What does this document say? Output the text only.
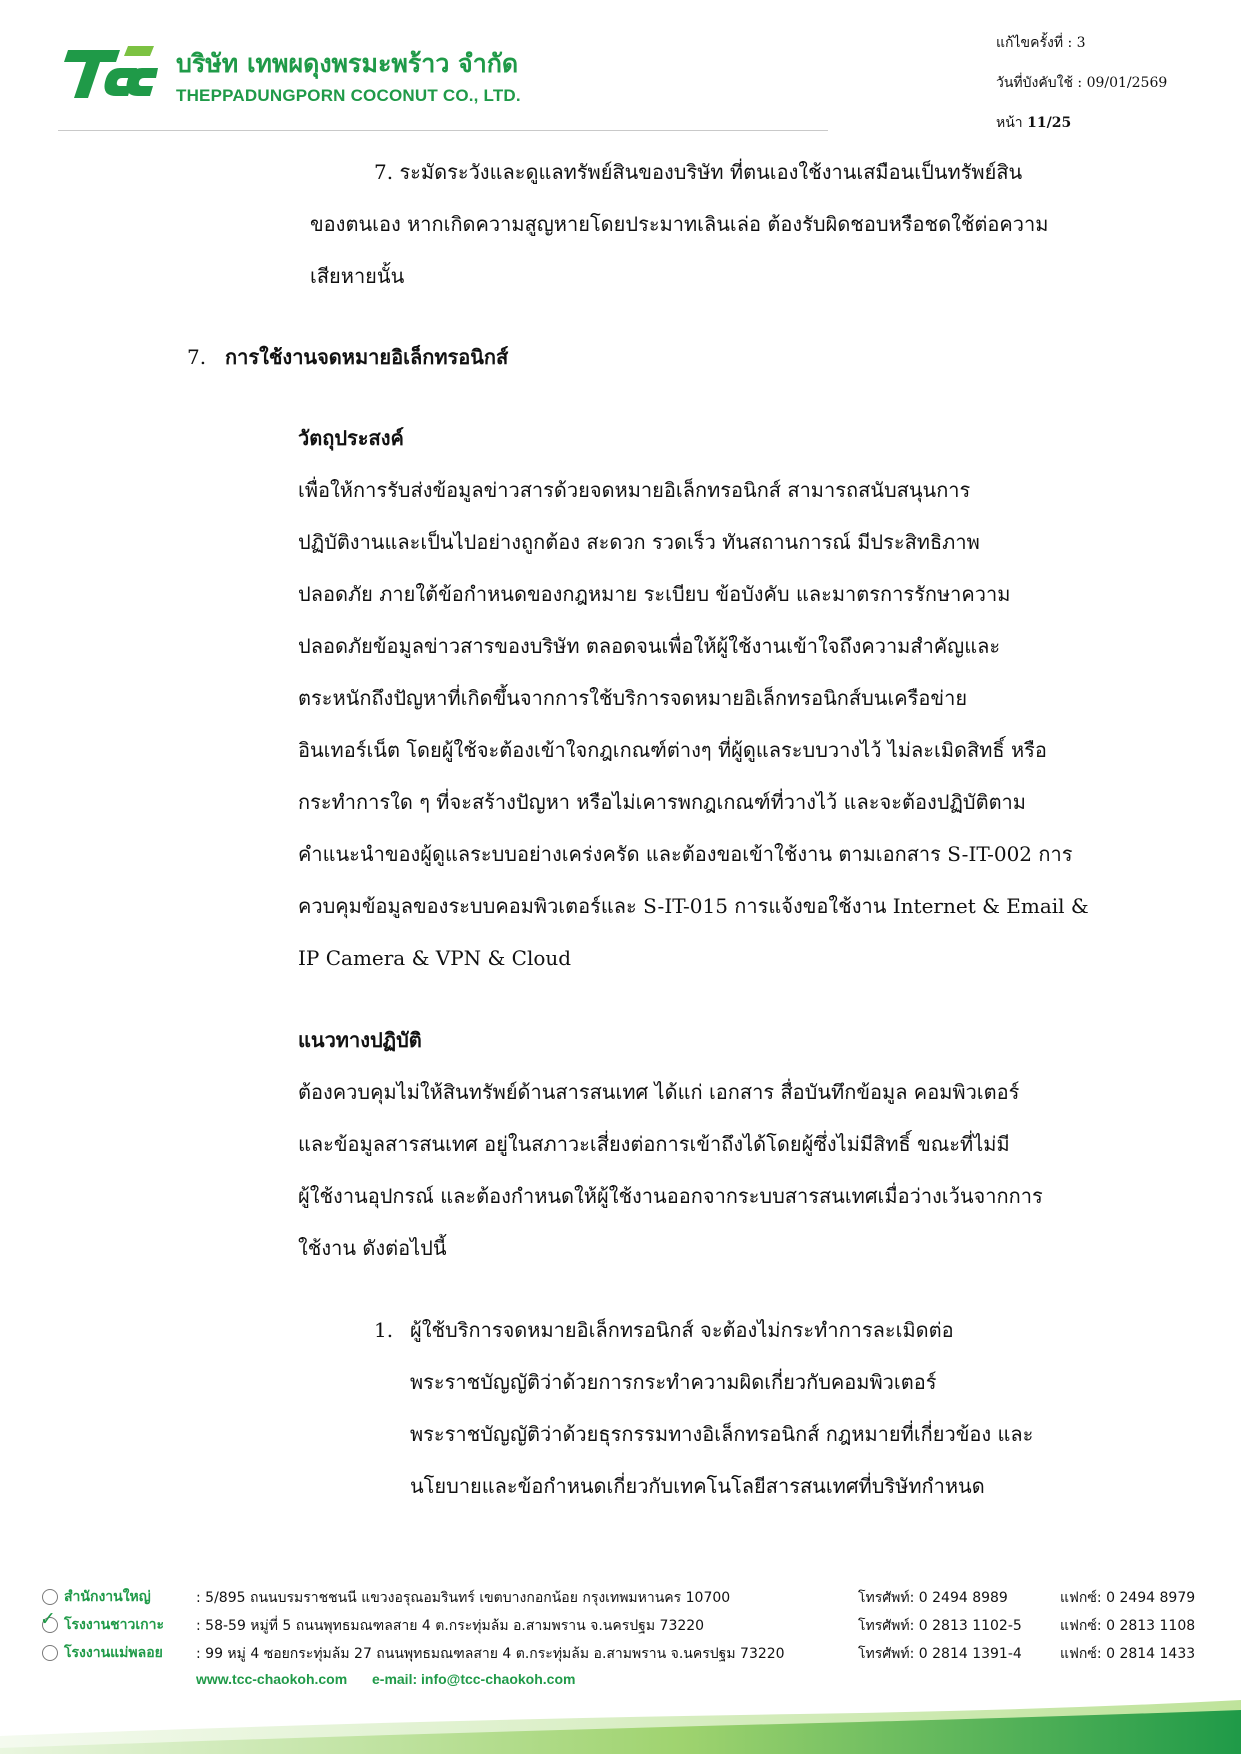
บริษัท เทพผดุงพรมะพร้าว จำกัด
THEPPADUNGPORN COCONUT CO., LTD.
แก้ไขครั้งที่ : 3
วันที่บังคับใช้ : 09/01/2569
หน้า 11/25
7. ระมัดระวังและดูแลทรัพย์สินของบริษัท ที่ตนเองใช้งานเสมือนเป็นทรัพย์สิน
ของตนเอง หากเกิดความสูญหายโดยประมาทเลินเล่อ ต้องรับผิดชอบหรือชดใช้ต่อความ
เสียหายนั้น
7. การใช้งานจดหมายอิเล็กทรอนิกส์
วัตถุประสงค์
เพื่อให้การรับส่งข้อมูลข่าวสารด้วยจดหมายอิเล็กทรอนิกส์ สามารถสนับสนุนการ
ปฏิบัติงานและเป็นไปอย่างถูกต้อง สะดวก รวดเร็ว ทันสถานการณ์ มีประสิทธิภาพ
ปลอดภัย ภายใต้ข้อกำหนดของกฎหมาย ระเบียบ ข้อบังคับ และมาตรการรักษาความ
ปลอดภัยข้อมูลข่าวสารของบริษัท ตลอดจนเพื่อให้ผู้ใช้งานเข้าใจถึงความสำคัญและ
ตระหนักถึงปัญหาที่เกิดขึ้นจากการใช้บริการจดหมายอิเล็กทรอนิกส์บนเครือข่าย
อินเทอร์เน็ต โดยผู้ใช้จะต้องเข้าใจกฎเกณฑ์ต่างๆ ที่ผู้ดูแลระบบวางไว้ ไม่ละเมิดสิทธิ์ หรือ
กระทำการใด ๆ ที่จะสร้างปัญหา หรือไม่เคารพกฎเกณฑ์ที่วางไว้ และจะต้องปฏิบัติตาม
คำแนะนำของผู้ดูแลระบบอย่างเคร่งครัด และต้องขอเข้าใช้งาน ตามเอกสาร S-IT-002 การ
ควบคุมข้อมูลของระบบคอมพิวเตอร์และ S-IT-015 การแจ้งขอใช้งาน Internet & Email &
IP Camera & VPN & Cloud
แนวทางปฏิบัติ
ต้องควบคุมไม่ให้สินทรัพย์ด้านสารสนเทศ ได้แก่ เอกสาร สื่อบันทึกข้อมูล คอมพิวเตอร์
และข้อมูลสารสนเทศ อยู่ในสภาวะเสี่ยงต่อการเข้าถึงได้โดยผู้ซึ่งไม่มีสิทธิ์ ขณะที่ไม่มี
ผู้ใช้งานอุปกรณ์ และต้องกำหนดให้ผู้ใช้งานออกจากระบบสารสนเทศเมื่อว่างเว้นจากการ
ใช้งาน ดังต่อไปนี้
1. ผู้ใช้บริการจดหมายอิเล็กทรอนิกส์ จะต้องไม่กระทำการละเมิดต่อ
พระราชบัญญัติว่าด้วยการกระทำความผิดเกี่ยวกับคอมพิวเตอร์
พระราชบัญญัติว่าด้วยธุรกรรมทางอิเล็กทรอนิกส์ กฎหมายที่เกี่ยวข้อง และ
นโยบายและข้อกำหนดเกี่ยวกับเทคโนโลยีสารสนเทศที่บริษัทกำหนด
สำนักงานใหญ่	: 5/895 ถนนบรมราชชนนี แขวงอรุณอมรินทร์ เขตบางกอกน้อย กรุงเทพมหานคร 10700	โทรศัพท์: 0 2494 8989	แฟกซ์: 0 2494 8979
✓ โรงงานชาวเกาะ : 58-59 หมู่ที่ 5 ถนนพุทธมณฑลสาย 4 ต.กระทุ่มล้ม อ.สามพราน จ.นครปฐม 73220	โทรศัพท์: 0 2813 1102-5	แฟกซ์: 0 2813 1108
โรงงานแม่พลอย : 99 หมู่ 4 ซอยกระทุ่มล้ม 27 ถนนพุทธมณฑลสาย 4 ต.กระทุ่มล้ม อ.สามพราน จ.นครปฐม 73220	โทรศัพท์: 0 2814 1391-4	แฟกซ์: 0 2814 1433
www.tcc-chaokoh.com e-mail: info@tcc-chaokoh.com
